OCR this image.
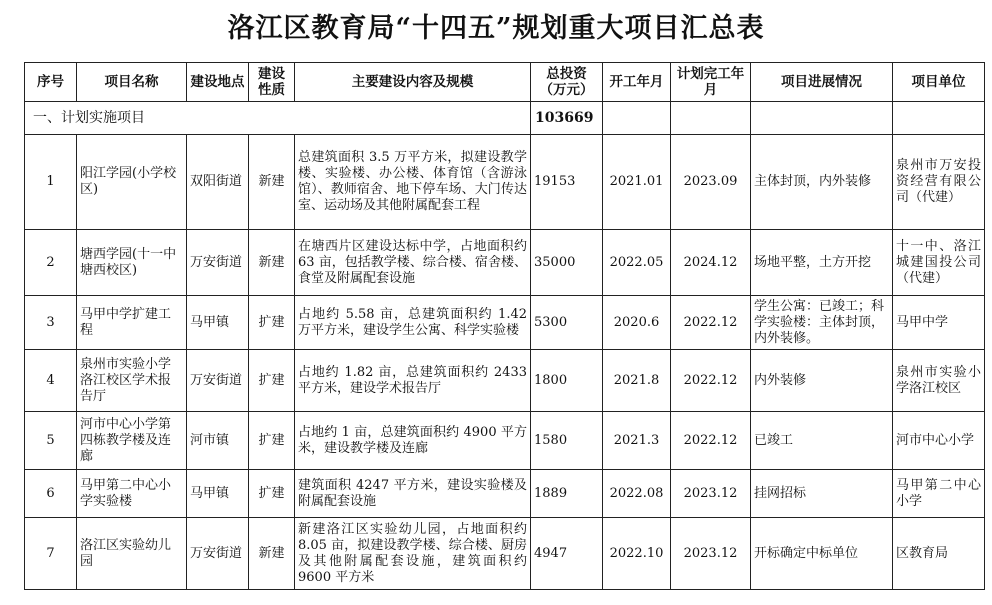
洛江区教育局“十四五”规划重大项目汇总表
序号	项目名称	建设地点	建设性质	主要建设内容及规模	总投资（万元）	开工年月	计划完工年月	项目进展情况	项目单位
一、计划实施项目					103669				
1	阳江学园(小学校区)	双阳街道	新建	总建筑面积 3.5 万平方米，拟建设教学楼、实验楼、办公楼、体育馆（含游泳馆）、教师宿舍、地下停车场、大门传达室、运动场及其他附属配套工程	19153	2021.01	2023.09	主体封顶，内外装修	泉州市万安投资经营有限公司（代建）
2	塘西学园(十一中塘西校区)	万安街道	新建	在塘西片区建设达标中学，占地面积约 63 亩，包括教学楼、综合楼、宿舍楼、食堂及附属配套设施	35000	2022.05	2024.12	场地平整，土方开挖	十一中、洛江城建国投公司（代建）
3	马甲中学扩建工程	马甲镇	扩建	占地约 5.58 亩，总建筑面积约 1.42 万平方米，建设学生公寓、科学实验楼	5300	2020.6	2022.12	学生公寓：已竣工；科学实验楼：主体封顶，内外装修。	马甲中学
4	泉州市实验小学洛江校区学术报告厅	万安街道	扩建	占地约 1.82 亩，总建筑面积约 2433 平方米，建设学术报告厅	1800	2021.8	2022.12	内外装修	泉州市实验小学洛江校区
5	河市中心小学第四栋教学楼及连廊	河市镇	扩建	占地约 1 亩，总建筑面积约 4900 平方米，建设教学楼及连廊	1580	2021.3	2022.12	已竣工	河市中心小学
6	马甲第二中心小学实验楼	马甲镇	扩建	建筑面积 4247 平方米，建设实验楼及附属配套设施	1889	2022.08	2023.12	挂网招标	马甲第二中心小学
7	洛江区实验幼儿园	万安街道	新建	新建洛江区实验幼儿园，占地面积约 8.05 亩，拟建设教学楼、综合楼、厨房及其他附属配套设施，建筑面积约 9600 平方米	4947	2022.10	2023.12	开标确定中标单位	区教育局
